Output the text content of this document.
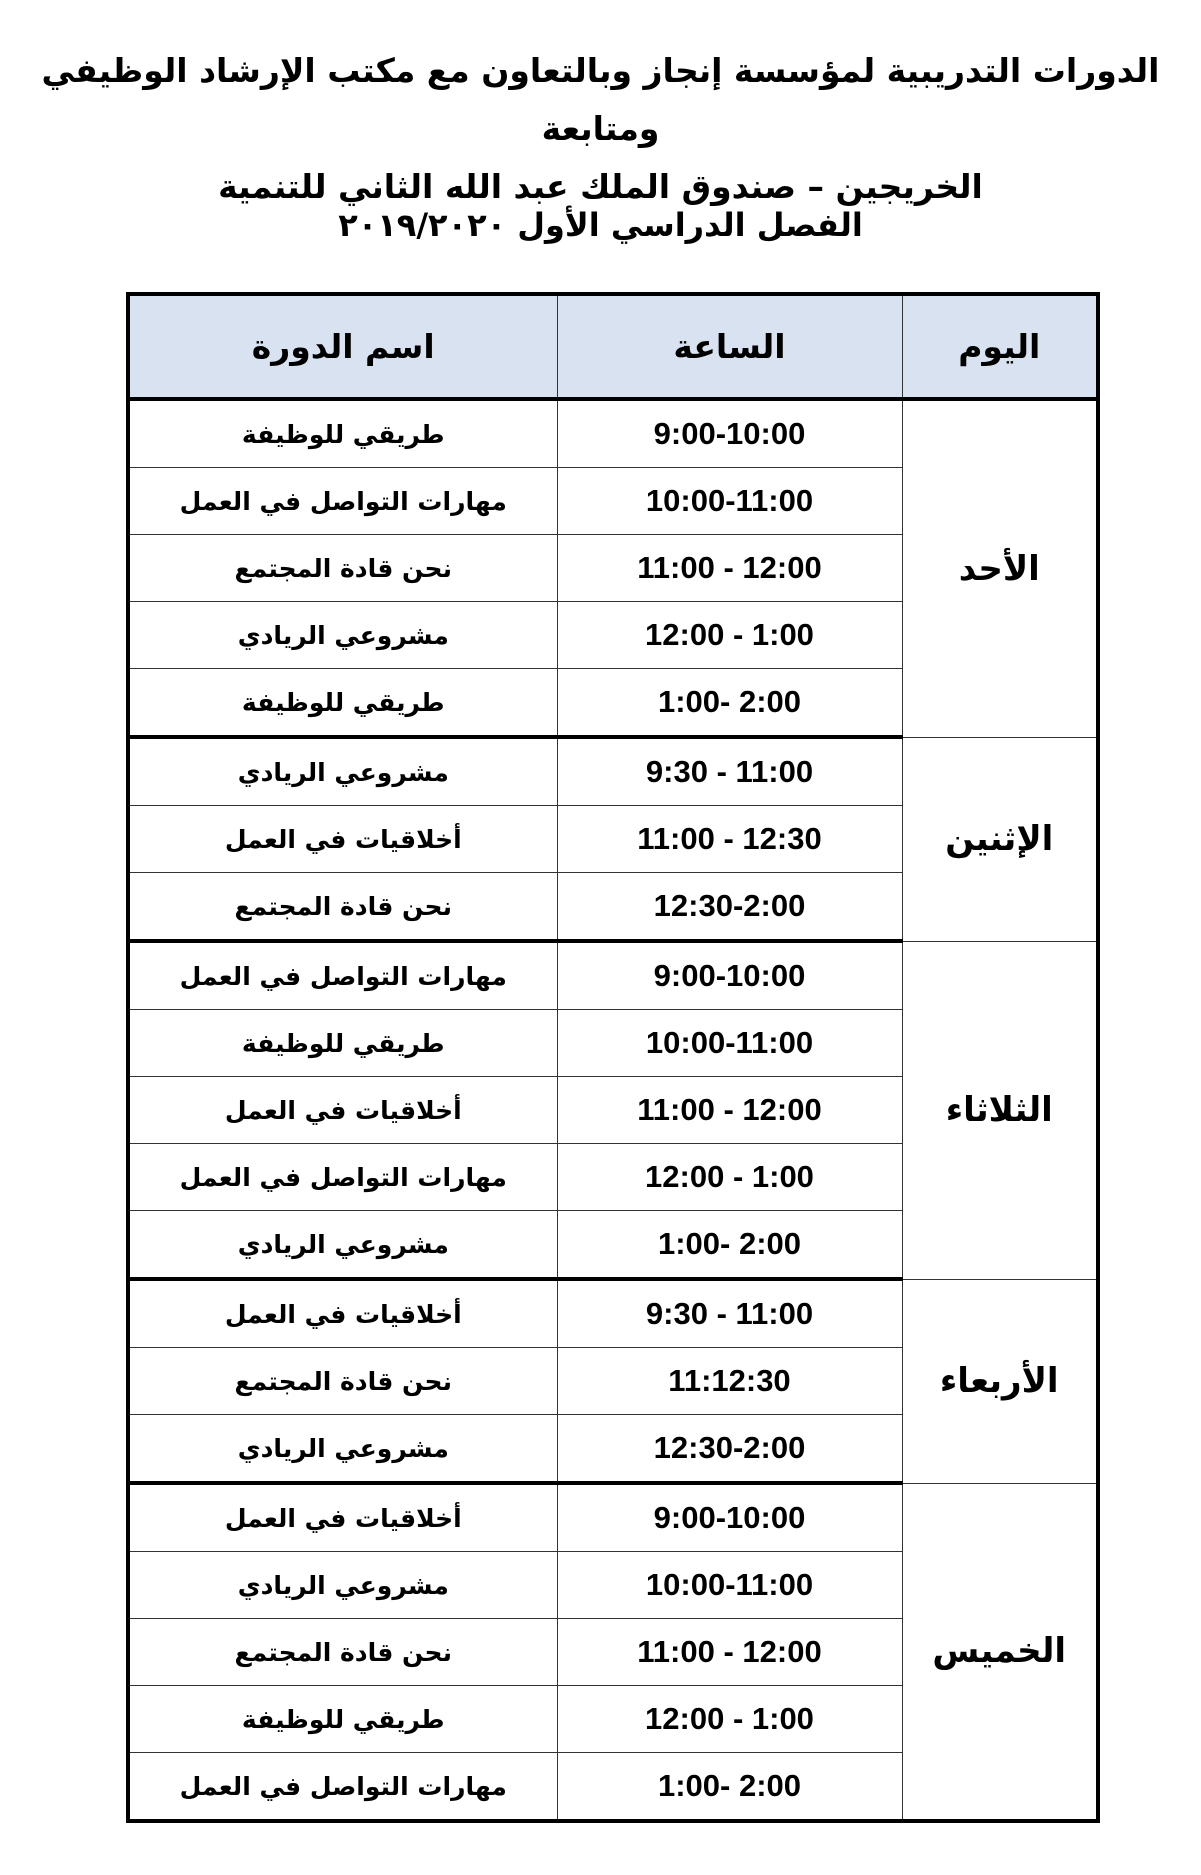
الدورات التدريبية لمؤسسة إنجاز وبالتعاون مع مكتب الإرشاد الوظيفي ومتابعة
الخريجين – صندوق الملك عبد الله الثاني للتنمية
الفصل الدراسي الأول ٢٠١٩/٢٠٢٠
اليوم	الساعة	اسم الدورة
الأحد	9:00-10:00	طريقي للوظيفة
	10:00-11:00	مهارات التواصل في العمل
	11:00 - 12:00	نحن قادة المجتمع
	12:00 - 1:00	مشروعي الريادي
	1:00- 2:00	طريقي للوظيفة
الإثنين	9:30 - 11:00	مشروعي الريادي
	11:00 - 12:30	أخلاقيات في العمل
	12:30-2:00	نحن قادة المجتمع
الثلاثاء	9:00-10:00	مهارات التواصل في العمل
	10:00-11:00	طريقي للوظيفة
	11:00 - 12:00	أخلاقيات في العمل
	12:00 - 1:00	مهارات التواصل في العمل
	1:00- 2:00	مشروعي الريادي
الأربعاء	9:30 - 11:00	أخلاقيات في العمل
	11:12:30	نحن قادة المجتمع
	12:30-2:00	مشروعي الريادي
الخميس	9:00-10:00	أخلاقيات في العمل
	10:00-11:00	مشروعي الريادي
	11:00 - 12:00	نحن قادة المجتمع
	12:00 - 1:00	طريقي للوظيفة
	1:00- 2:00	مهارات التواصل في العمل
